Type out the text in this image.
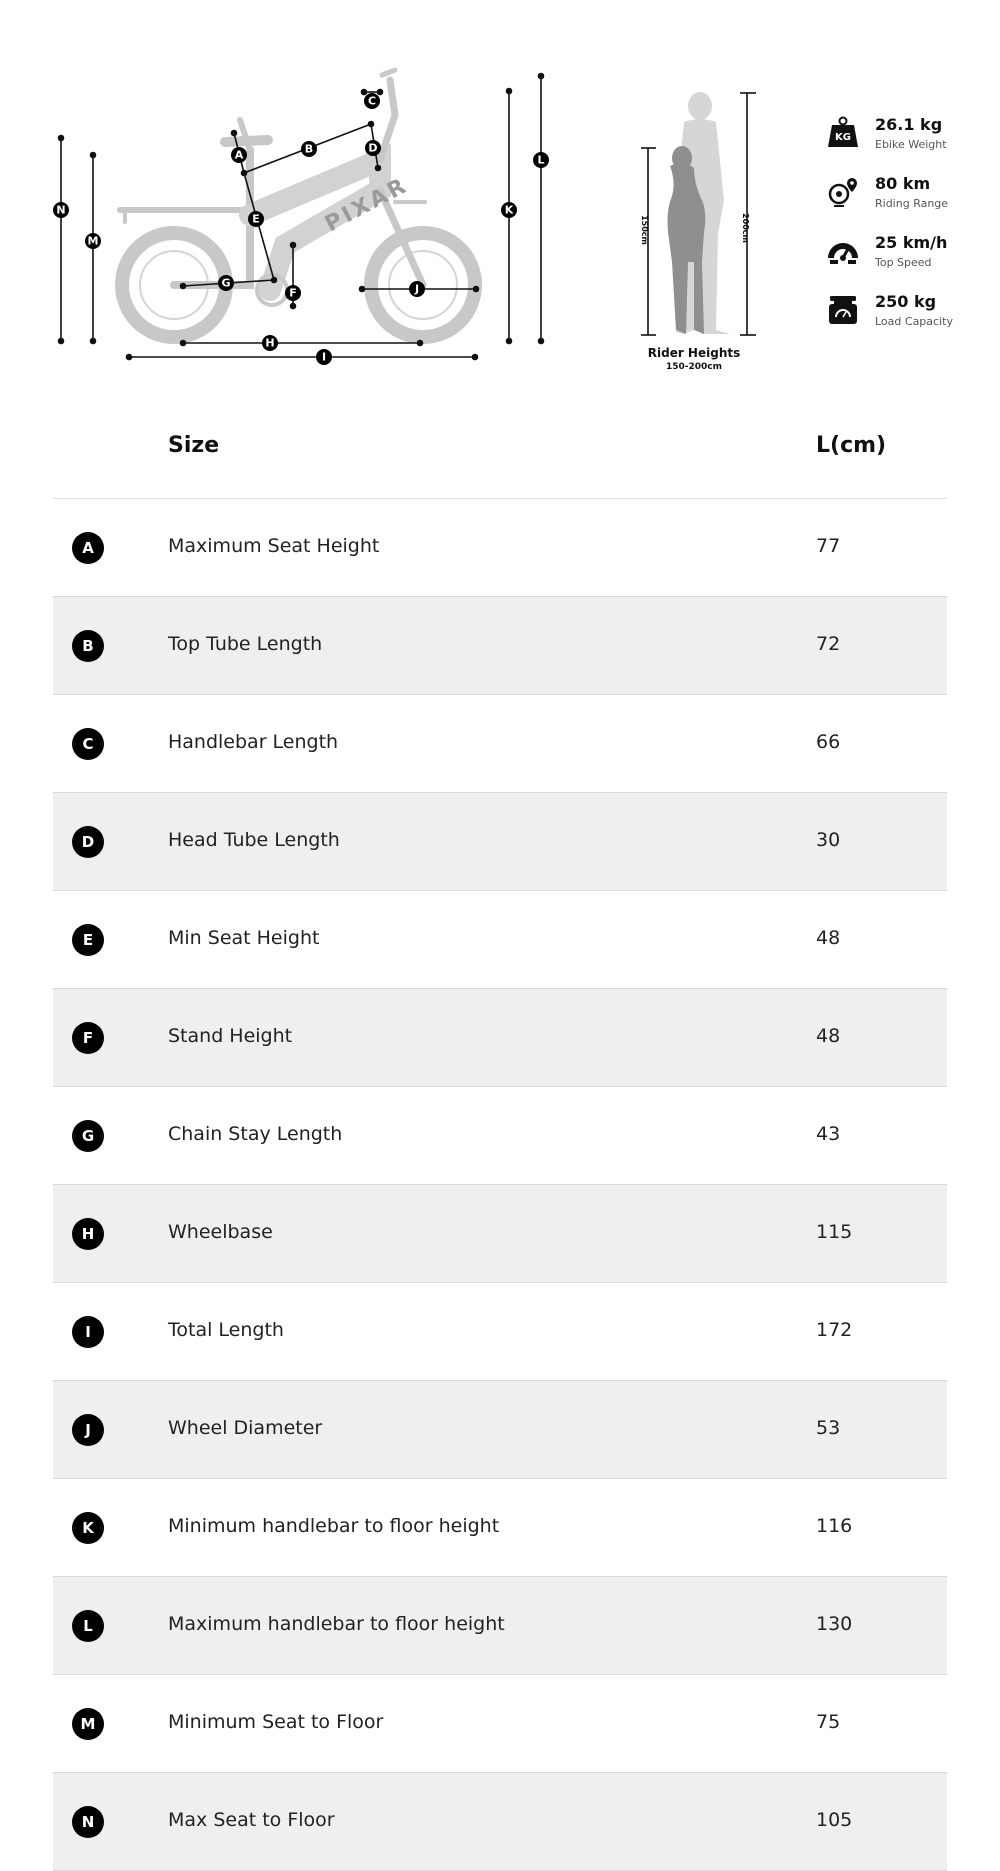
PIXAR
N
M
A	B
C
D
E
F
G
H
I
J
K
L
150cm	200cm
Rider Heights
150-200cm
KG
26.1 kg
Ebike Weight
80 km
Riding Range
25 km/h
Top Speed
250 kg
Load Capacity
Size	L(cm)
A	Maximum Seat Height	77
B	Top Tube Length	72
C	Handlebar Length	66
D	Head Tube Length	30
E	Min Seat Height	48
F	Stand Height	48
G	Chain Stay Length	43
H	Wheelbase	115
I	Total Length	172
J	Wheel Diameter	53
K	Minimum handlebar to floor height	116
L	Maximum handlebar to floor height	130
M	Minimum Seat to Floor	75
N	Max Seat to Floor	105
